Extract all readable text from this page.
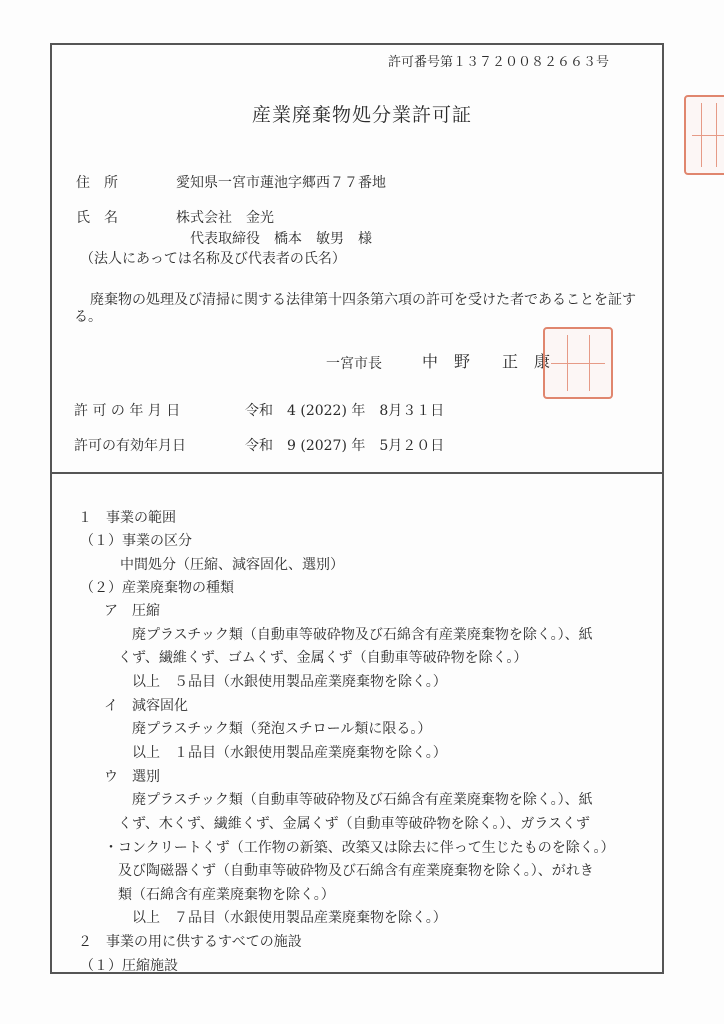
許可番号第１３７２００８２６６３号
産業廃棄物処分業許可証
住　所	愛知県一宮市蓮池字郷西７７番地
氏　名	株式会社　金光
代表取締役　橋本　敏男　様
（法人にあっては名称及び代表者の氏名）
廃棄物の処理及び清掃に関する法律第十四条第六項の許可を受けた者であることを証す
る。
一宮市長	中　野　　正　康
許 可 の 年 月 日	令和　4 (2022) 年　8月３１日
許可の有効年月日	令和　9 (2027) 年　5月２０日
１　事業の範囲
（１）事業の区分
中間処分（圧縮、減容固化、選別）
（２）産業廃棄物の種類
ア　圧縮
廃プラスチック類（自動車等破砕物及び石綿含有産業廃棄物を除く。）、紙
くず、繊維くず、ゴムくず、金属くず（自動車等破砕物を除く。）
以上　５品目（水銀使用製品産業廃棄物を除く。）
イ　減容固化
廃プラスチック類（発泡スチロール類に限る。）
以上　１品目（水銀使用製品産業廃棄物を除く。）
ウ　選別
廃プラスチック類（自動車等破砕物及び石綿含有産業廃棄物を除く。）、紙
くず、木くず、繊維くず、金属くず（自動車等破砕物を除く。）、ガラスくず
・コンクリートくず（工作物の新築、改築又は除去に伴って生じたものを除く。）
及び陶磁器くず（自動車等破砕物及び石綿含有産業廃棄物を除く。）、がれき
類（石綿含有産業廃棄物を除く。）
以上　７品目（水銀使用製品産業廃棄物を除く。）
２　事業の用に供するすべての施設
（１）圧縮施設
